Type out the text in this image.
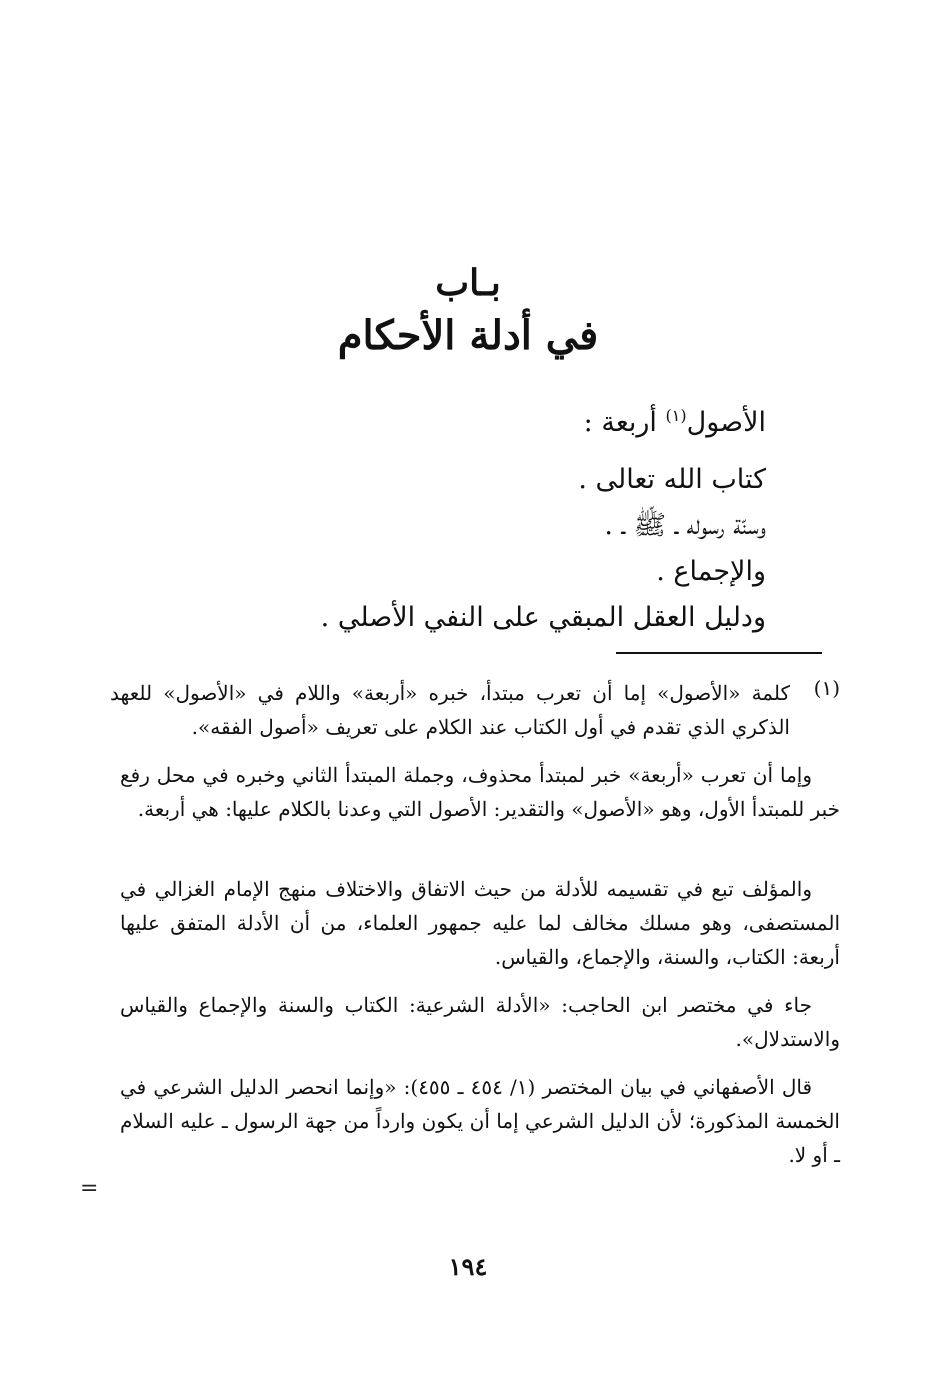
بـاب
في أدلة الأحكام
الأصول$^{(١)}$ أربعة :
كتاب الله تعالى .
وسنّة رسوله ـ ﷺ ـ .
والإجماع .
ودليل العقل المبقي على النفي الأصلي .
(١)
كلمة «الأصول» إما أن تعرب مبتدأ، خبره «أربعة» واللام في «الأصول» للعهد الذكري الذي تقدم في أول الكتاب عند الكلام على تعريف «أصول الفقه».
وإما أن تعرب «أربعة» خبر لمبتدأ محذوف، وجملة المبتدأ الثاني وخبره في محل رفع خبر للمبتدأ الأول، وهو «الأصول» والتقدير: الأصول التي وعدنا بالكلام عليها: هي أربعة.
والمؤلف تبع في تقسيمه للأدلة من حيث الاتفاق والاختلاف منهج الإمام الغزالي في المستصفى، وهو مسلك مخالف لما عليه جمهور العلماء، من أن الأدلة المتفق عليها أربعة: الكتاب، والسنة، والإجماع، والقياس.
جاء في مختصر ابن الحاجب: «الأدلة الشرعية: الكتاب والسنة والإجماع والقياس والاستدلال».
قال الأصفهاني في بيان المختصر (١/ ٤٥٤ ـ ٤٥٥): «وإنما انحصر الدليل الشرعي في الخمسة المذكورة؛ لأن الدليل الشرعي إما أن يكون وارداً من جهة الرسول ـ عليه السلام ـ أو لا.
=
١٩٤
